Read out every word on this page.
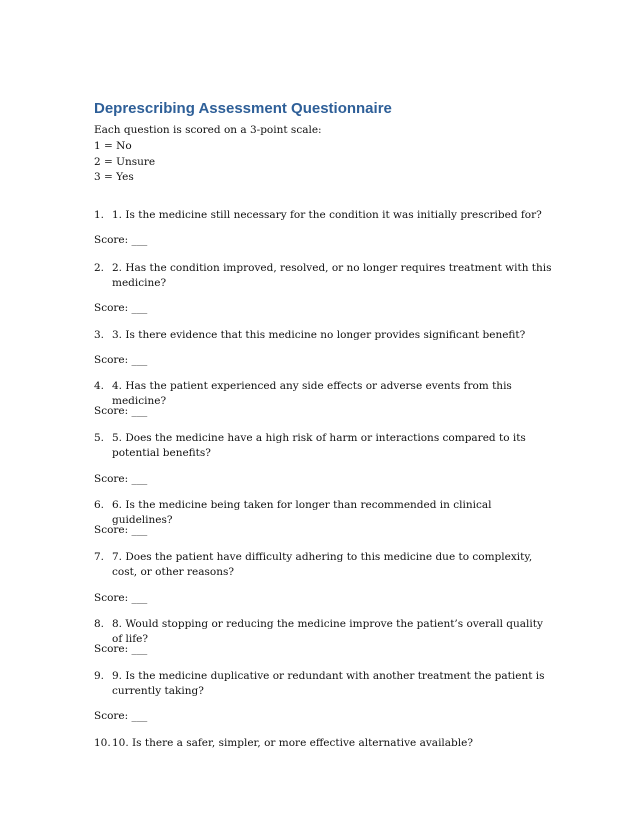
Deprescribing Assessment Questionnaire
Each question is scored on a 3-point scale:
1 = No
2 = Unsure
3 = Yes
1. 1. Is the medicine still necessary for the condition it was initially prescribed for?
Score: ___
2. 2. Has the condition improved, resolved, or no longer requires treatment with this medicine?
Score: ___
3. 3. Is there evidence that this medicine no longer provides significant benefit?
Score: ___
4. 4. Has the patient experienced any side effects or adverse events from this medicine?
Score: ___
5. 5. Does the medicine have a high risk of harm or interactions compared to its potential benefits?
Score: ___
6. 6. Is the medicine being taken for longer than recommended in clinical guidelines?
Score: ___
7. 7. Does the patient have difficulty adhering to this medicine due to complexity, cost, or other reasons?
Score: ___
8. 8. Would stopping or reducing the medicine improve the patient’s overall quality of life?
Score: ___
9. 9. Is the medicine duplicative or redundant with another treatment the patient is currently taking?
Score: ___
10. 10. Is there a safer, simpler, or more effective alternative available?
